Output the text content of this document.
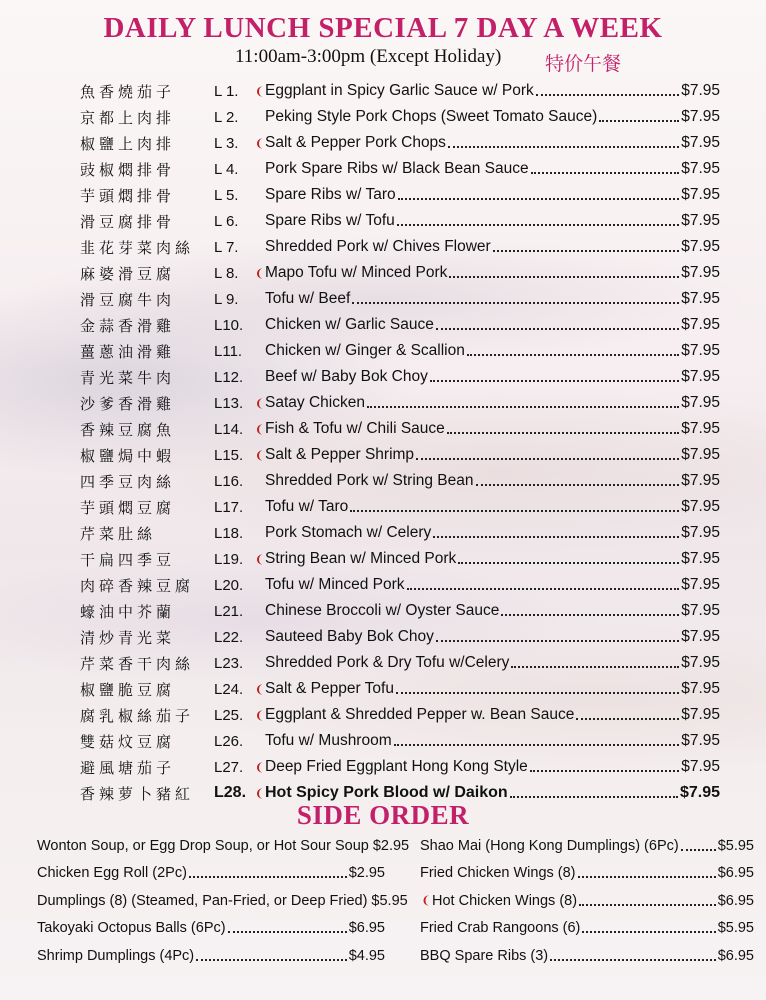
DAILY LUNCH SPECIAL 7 DAY A WEEK
11:00am-3:00pm (Except Holiday) 特价午餐
魚香燒茄子	L 1.	❨ Eggplant in Spicy Garlic Sauce w/ Pork	$7.95
京都上肉排	L 2.	Peking Style Pork Chops (Sweet Tomato Sauce)	$7.95
椒鹽上肉排	L 3.	❨ Salt & Pepper Pork Chops	$7.95
豉椒燜排骨	L 4.	Pork Spare Ribs w/ Black Bean Sauce	$7.95
芋頭燜排骨	L 5.	Spare Ribs w/ Taro	$7.95
滑豆腐排骨	L 6.	Spare Ribs w/ Tofu	$7.95
韭花芽菜肉絲	L 7.	Shredded Pork w/ Chives Flower	$7.95
麻婆滑豆腐	L 8.	❨ Mapo Tofu w/ Minced Pork	$7.95
滑豆腐牛肉	L 9.	Tofu w/ Beef	$7.95
金蒜香滑雞	L10.	Chicken w/ Garlic Sauce	$7.95
薑蔥油滑雞	L11.	Chicken w/ Ginger & Scallion	$7.95
青光菜牛肉	L12.	Beef w/ Baby Bok Choy	$7.95
沙爹香滑雞	L13.	❨ Satay Chicken	$7.95
香辣豆腐魚	L14.	❨ Fish & Tofu w/ Chili Sauce	$7.95
椒鹽焗中蝦	L15.	❨ Salt & Pepper Shrimp	$7.95
四季豆肉絲	L16.	Shredded Pork w/ String Bean	$7.95
芋頭燜豆腐	L17.	Tofu w/ Taro	$7.95
芹菜肚絲	L18.	Pork Stomach w/ Celery	$7.95
干扁四季豆	L19.	❨ String Bean w/ Minced Pork	$7.95
肉碎香辣豆腐	L20.	Tofu w/ Minced Pork	$7.95
蠔油中芥蘭	L21.	Chinese Broccoli w/ Oyster Sauce	$7.95
清炒青光菜	L22.	Sauteed Baby Bok Choy	$7.95
芹菜香干肉絲	L23.	Shredded Pork & Dry Tofu w/Celery	$7.95
椒鹽脆豆腐	L24.	❨ Salt & Pepper Tofu	$7.95
腐乳椒絲茄子	L25.	❨ Eggplant & Shredded Pepper w. Bean Sauce	$7.95
雙菇炆豆腐	L26.	Tofu w/ Mushroom	$7.95
避風塘茄子	L27.	❨ Deep Fried Eggplant Hong Kong Style	$7.95
香辣萝卜豬紅	L28. ❨ Hot Spicy Pork Blood w/ Daikon	$7.95
SIDE ORDER
Wonton Soup, or Egg Drop Soup, or Hot Sour Soup $2.95
Chicken Egg Roll (2Pc)	$2.95
Dumplings (8) (Steamed, Pan-Fried, or Deep Fried) $5.95
Takoyaki Octopus Balls (6Pc)	$6.95
Shrimp Dumplings (4Pc)	$4.95
Shao Mai (Hong Kong Dumplings) (6Pc)	$5.95
Fried Chicken Wings (8)	$6.95
❨ Hot Chicken Wings (8)	$6.95
Fried Crab Rangoons (6)	$5.95
BBQ Spare Ribs (3)	$6.95
